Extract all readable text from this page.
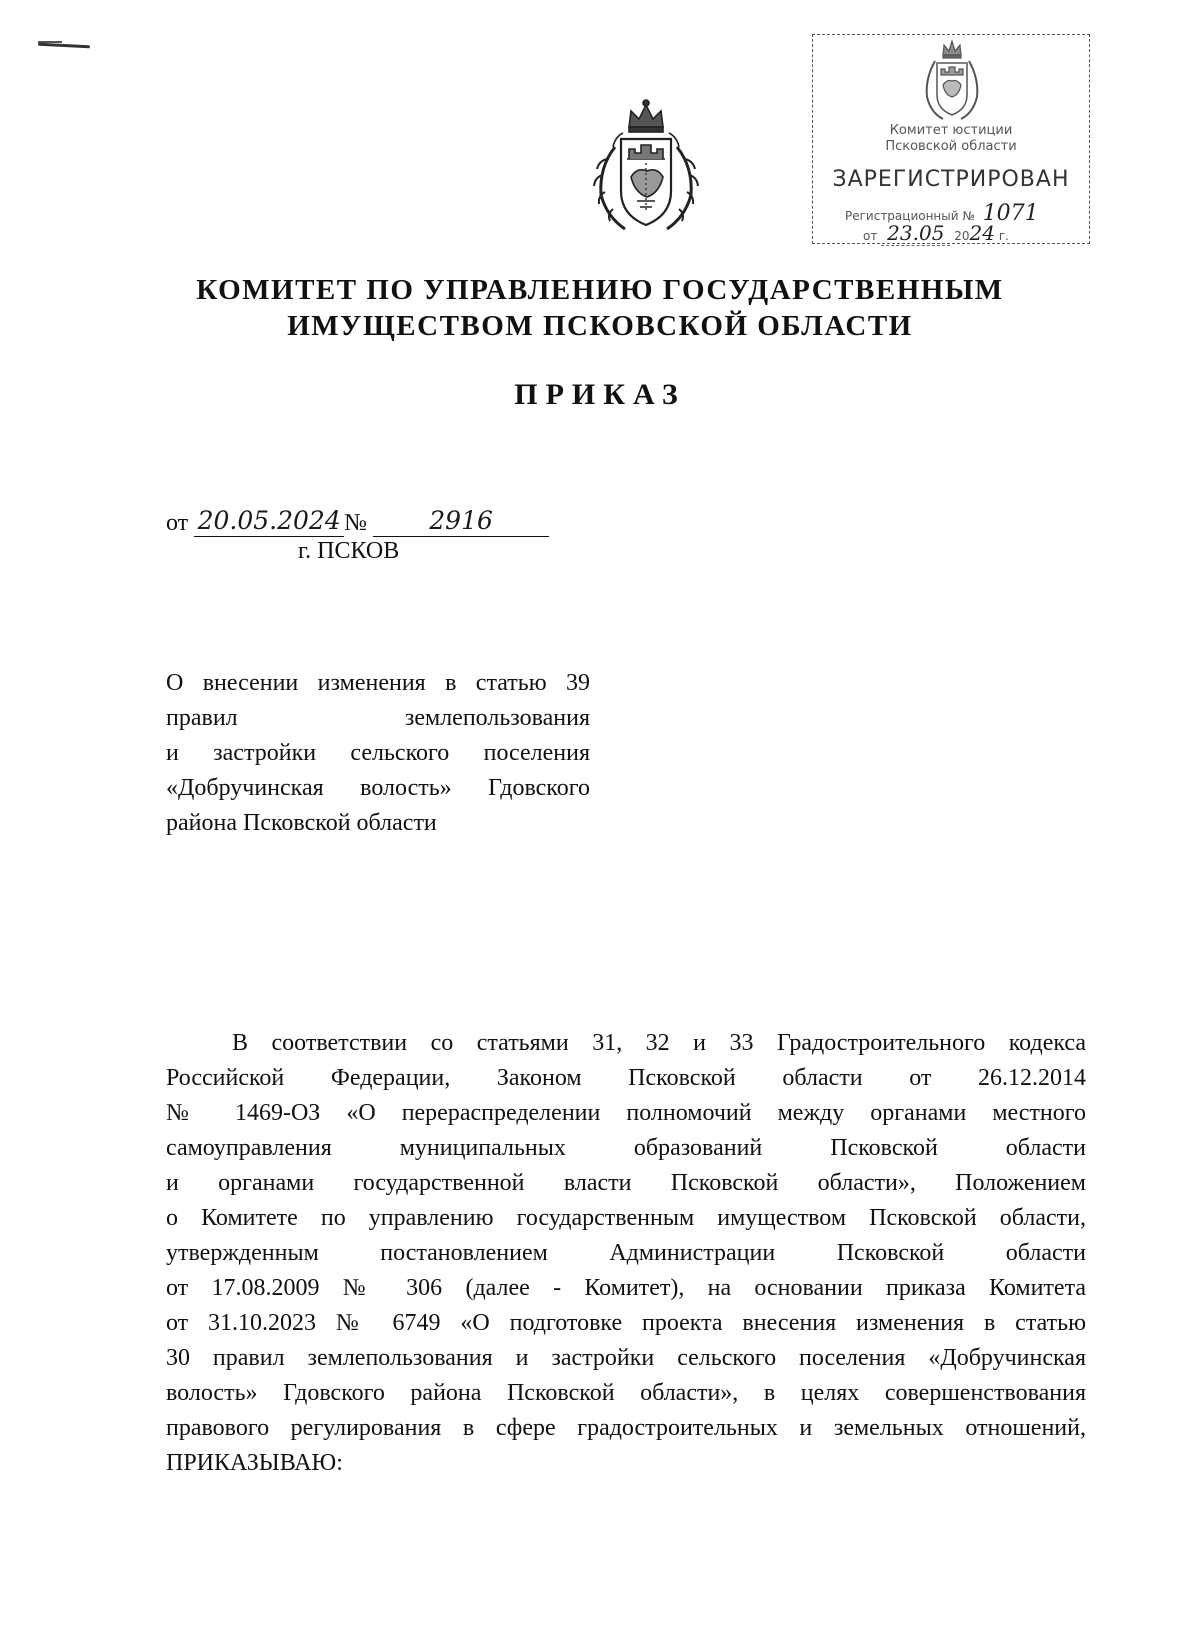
Комитет юстиции
Псковской области
ЗАРЕГИСТРИРОВАН
Регистрационный № 1071
от 23.05 2024 г.
КОМИТЕТ ПО УПРАВЛЕНИЮ ГОСУДАРСТВЕННЫМ
ИМУЩЕСТВОМ ПСКОВСКОЙ ОБЛАСТИ
ПРИКАЗ
от 20.05.2024 № 2916
г. ПСКОВ
О внесении изменения в статью 39
правил землепользования
и застройки сельского поселения
«Добручинская волость» Гдовского
района Псковской области
В соответствии со статьями 31, 32 и 33 Градостроительного кодекса
Российской Федерации, Законом Псковской области от 26.12.2014
№ 1469-ОЗ «О перераспределении полномочий между органами местного
самоуправления муниципальных образований Псковской области
и органами государственной власти Псковской области», Положением
о Комитете по управлению государственным имуществом Псковской области,
утвержденным постановлением Администрации Псковской области
от 17.08.2009 № 306 (далее - Комитет), на основании приказа Комитета
от 31.10.2023 № 6749 «О подготовке проекта внесения изменения в статью
30 правил землепользования и застройки сельского поселения «Добручинская
волость» Гдовского района Псковской области», в целях совершенствования
правового регулирования в сфере градостроительных и земельных отношений,
ПРИКАЗЫВАЮ:
